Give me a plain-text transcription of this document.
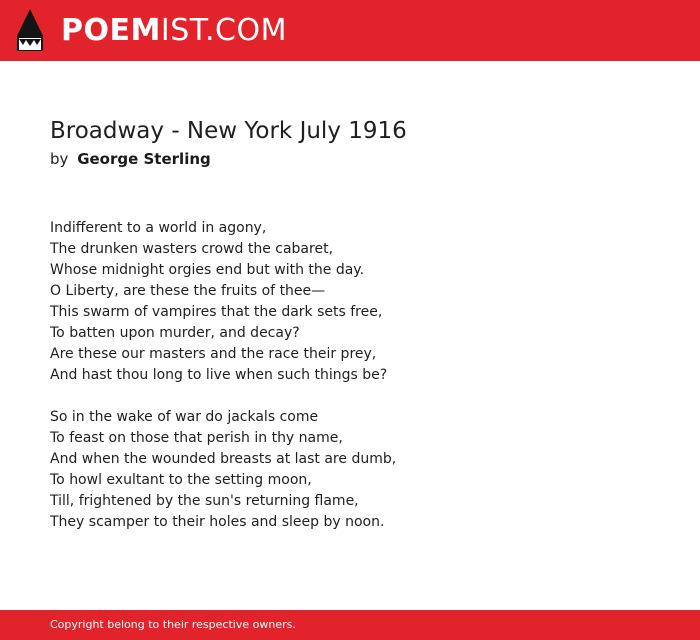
POEMIST.COM
Broadway - New York July 1916
by George Sterling
Indifferent to a world in agony,
The drunken wasters crowd the cabaret,
Whose midnight orgies end but with the day.
O Liberty, are these the fruits of thee—
This swarm of vampires that the dark sets free,
To batten upon murder, and decay?
Are these our masters and the race their prey,
And hast thou long to live when such things be?
So in the wake of war do jackals come
To feast on those that perish in thy name,
And when the wounded breasts at last are dumb,
To howl exultant to the setting moon,
Till, frightened by the sun's returning flame,
They scamper to their holes and sleep by noon.
Copyright belong to their respective owners.
